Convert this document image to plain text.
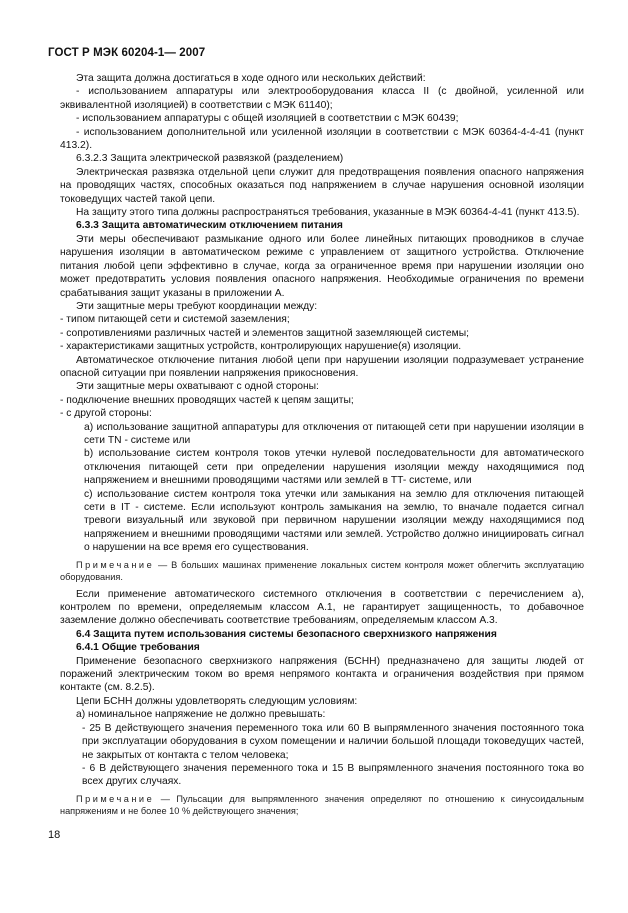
ГОСТ Р МЭК 60204-1— 2007

Эта защита должна достигаться в ходе одного или нескольких действий:

- использованием аппаратуры или электрооборудования класса II (с двойной, усиленной или эквивалентной изоляцией) в соответствии с МЭК 61140);

- использованием аппаратуры с общей изоляцией в соответствии с МЭК 60439;

- использованием дополнительной или усиленной изоляции в соответствии с МЭК 60364-4-4-41 (пункт 413.2).

6.3.2.3 Защита электрической развязкой (разделением)

Электрическая развязка отдельной цепи служит для предотвращения появления опасного напряжения на проводящих частях, способных оказаться под напряжением в случае нарушения основной изоляции токоведущих частей такой цепи.

На защиту этого типа должны распространяться требования, указанные в МЭК 60364-4-41 (пункт 413.5).

6.3.3 Защита автоматическим отключением питания

Эти меры обеспечивают размыкание одного или более линейных питающих проводников в случае нарушения изоляции в автоматическом режиме с управлением от защитного устройства. Отключение питания любой цепи эффективно в случае, когда за ограниченное время при нарушении изоляции оно может предотвратить условия появления опасного напряжения. Необходимые ограничения по времени срабатывания защит указаны в приложении А.

Эти защитные меры требуют координации между:

- типом питающей сети и системой заземления;

- сопротивлениями различных частей и элементов защитной заземляющей системы;

- характеристиками защитных устройств, контролирующих нарушение(я) изоляции.

Автоматическое отключение питания любой цепи при нарушении изоляции подразумевает устранение опасной ситуации при появлении напряжения прикосновения.

Эти защитные меры охватывают с одной стороны:

- подключение внешних проводящих частей к цепям защиты;

- с другой стороны:

а) использование защитной аппаратуры для отключения от питающей сети при нарушении изоляции в сети TN - системе или

b) использование систем контроля токов утечки нулевой последовательности для автоматического отключения питающей сети при определении нарушения изоляции между находящимися под напряжением и внешними проводящими частями или землей в TT- системе, или

с) использование систем контроля тока утечки или замыкания на землю для отключения питающей сети в IT - системе. Если используют контроль замыкания на землю, то вначале подается сигнал тревоги визуальный или звуковой при первичном нарушении изоляции между находящимися под напряжением и внешними проводящими частями или землей. Устройство должно инициировать сигнал о нарушении на все время его существования.

Примечание — В больших машинах применение локальных систем контроля может облегчить эксплуатацию оборудования.

Если применение автоматического системного отключения в соответствии с перечислением а), контролем по времени, определяемым классом А.1, не гарантирует защищенность, то добавочное заземление должно обеспечивать соответствие требованиям, определяемым классом А.3.

6.4 Защита путем использования системы безопасного сверхнизкого напряжения

6.4.1 Общие требования

Применение безопасного сверхнизкого напряжения (БСНН) предназначено для защиты людей от поражений электрическим током во время непрямого контакта и ограничения воздействия при прямом контакте (см. 8.2.5).

Цепи БСНН должны удовлетворять следующим условиям:

а) номинальное напряжение не должно превышать:

- 25 В действующего значения переменного тока или 60 В выпрямленного значения постоянного тока при эксплуатации оборудования в сухом помещении и наличии большой площади токоведущих частей, не закрытых от контакта с телом человека;

- 6 В действующего значения переменного тока и 15 В выпрямленного значения постоянного тока во всех других случаях.

Примечание — Пульсации для выпрямленного значения определяют по отношению к синусоидальным напряжениям и не более 10 % действующего значения;

18
